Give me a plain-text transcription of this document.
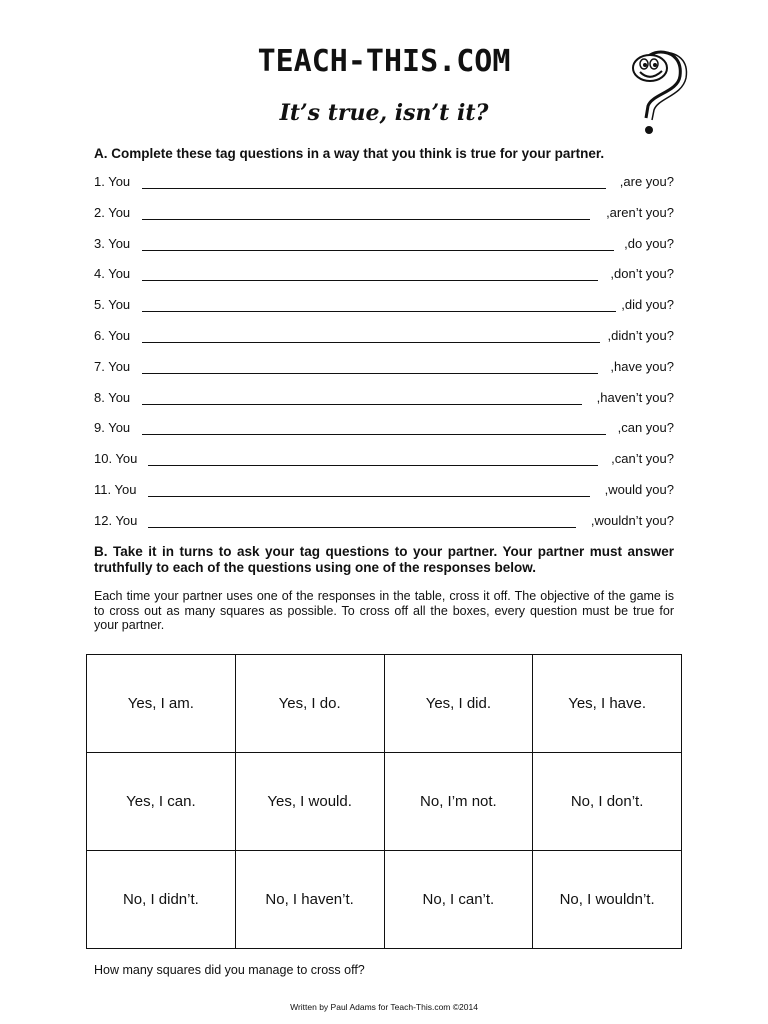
TEACH-THIS.COM
It’s true, isn’t it?
A. Complete these tag questions in a way that you think is true for your partner.
1. You	,are you?
2. You	,aren’t you?
3. You	,do you?
4. You	,don’t you?
5. You	,did you?
6. You	,didn’t you?
7. You	,have you?
8. You	,haven’t you?
9. You	,can you?
10. You	,can’t you?
11. You	,would you?
12. You	,wouldn’t you?
B. Take it in turns to ask your tag questions to your partner. Your partner must answer truthfully to each of the questions using one of the responses below.
Each time your partner uses one of the responses in the table, cross it off. The objective of the game is to cross out as many squares as possible. To cross off all the boxes, every question must be true for your partner.
Yes, I am.	Yes, I do.	Yes, I did.	Yes, I have.
Yes, I can.	Yes, I would.	No, I’m not.	No, I don’t.
No, I didn’t.	No, I haven’t.	No, I can’t.	No, I wouldn’t.
How many squares did you manage to cross off?
Written by Paul Adams for Teach-This.com ©2014
